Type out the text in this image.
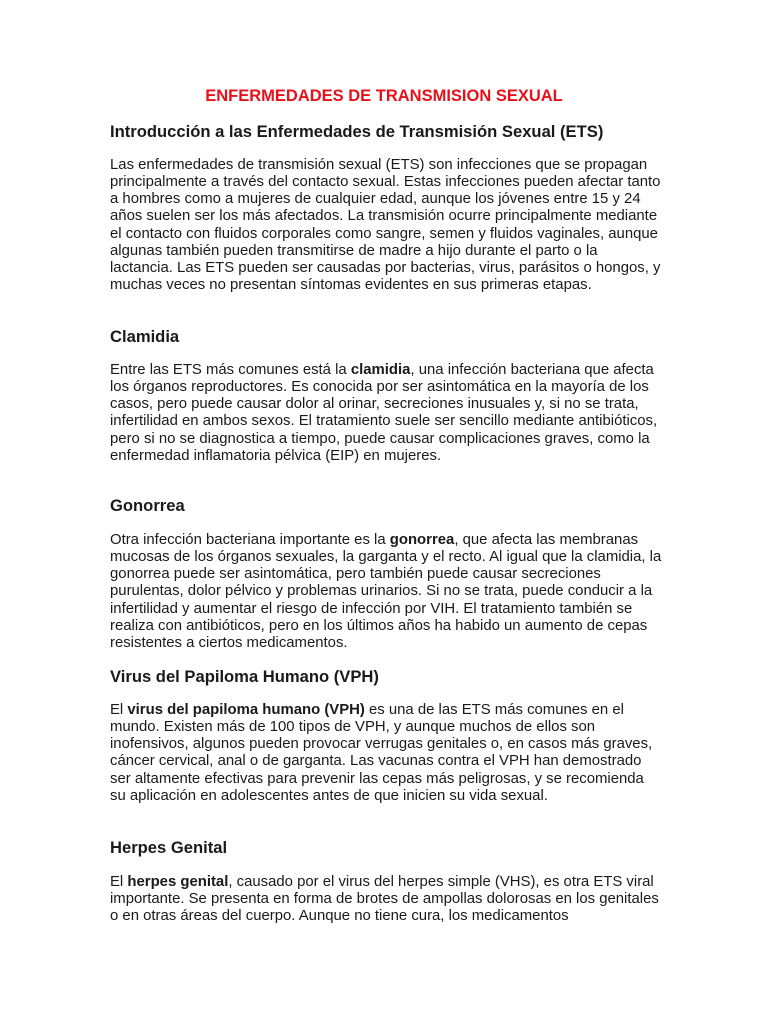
ENFERMEDADES DE TRANSMISION SEXUAL
Introducción a las Enfermedades de Transmisión Sexual (ETS)

Las enfermedades de transmisión sexual (ETS) son infecciones que se propagan principalmente a través del contacto sexual. Estas infecciones pueden afectar tanto a hombres como a mujeres de cualquier edad, aunque los jóvenes entre 15 y 24 años suelen ser los más afectados. La transmisión ocurre principalmente mediante el contacto con fluidos corporales como sangre, semen y fluidos vaginales, aunque algunas también pueden transmitirse de madre a hijo durante el parto o la lactancia. Las ETS pueden ser causadas por bacterias, virus, parásitos o hongos, y muchas veces no presentan síntomas evidentes en sus primeras etapas.

Clamidia

Entre las ETS más comunes está la clamidia, una infección bacteriana que afecta los órganos reproductores. Es conocida por ser asintomática en la mayoría de los casos, pero puede causar dolor al orinar, secreciones inusuales y, si no se trata, infertilidad en ambos sexos. El tratamiento suele ser sencillo mediante antibióticos, pero si no se diagnostica a tiempo, puede causar complicaciones graves, como la enfermedad inflamatoria pélvica (EIP) en mujeres.

Gonorrea

Otra infección bacteriana importante es la gonorrea, que afecta las membranas mucosas de los órganos sexuales, la garganta y el recto. Al igual que la clamidia, la gonorrea puede ser asintomática, pero también puede causar secreciones purulentas, dolor pélvico y problemas urinarios. Si no se trata, puede conducir a la infertilidad y aumentar el riesgo de infección por VIH. El tratamiento también se realiza con antibióticos, pero en los últimos años ha habido un aumento de cepas resistentes a ciertos medicamentos.

Virus del Papiloma Humano (VPH)

El virus del papiloma humano (VPH) es una de las ETS más comunes en el mundo. Existen más de 100 tipos de VPH, y aunque muchos de ellos son inofensivos, algunos pueden provocar verrugas genitales o, en casos más graves, cáncer cervical, anal o de garganta. Las vacunas contra el VPH han demostrado ser altamente efectivas para prevenir las cepas más peligrosas, y se recomienda su aplicación en adolescentes antes de que inicien su vida sexual.

Herpes Genital

El herpes genital, causado por el virus del herpes simple (VHS), es otra ETS viral importante. Se presenta en forma de brotes de ampollas dolorosas en los genitales o en otras áreas del cuerpo. Aunque no tiene cura, los medicamentos
